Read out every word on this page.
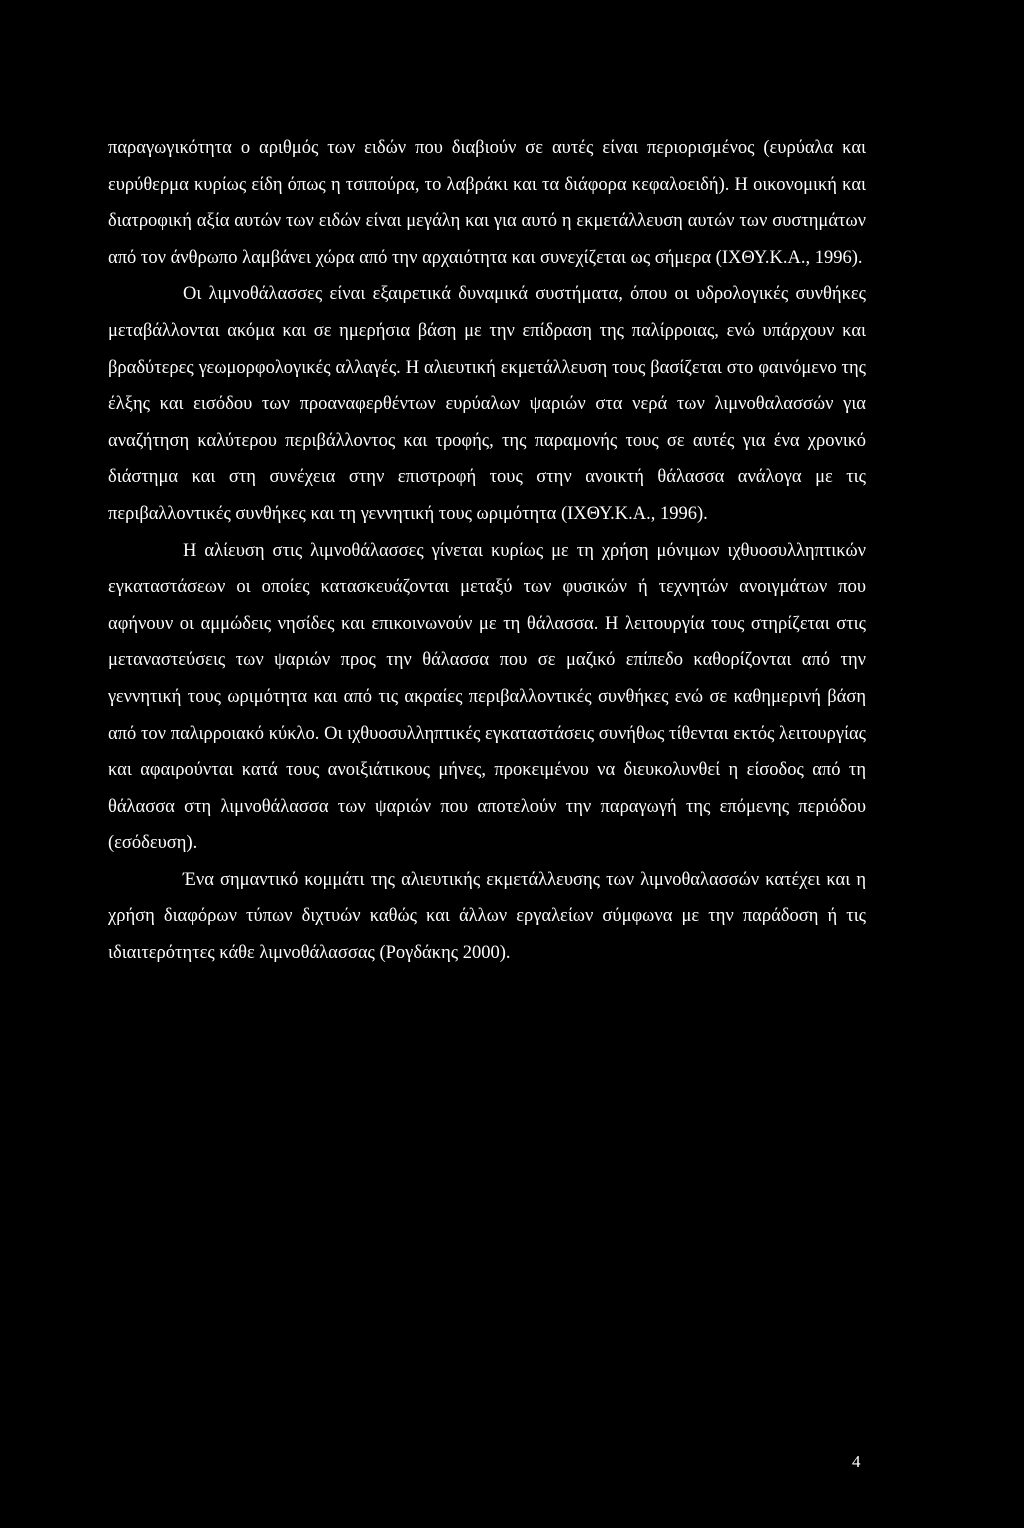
παραγωγικότητα ο αριθμός των ειδών που διαβιούν σε αυτές είναι περιορισμένος (ευρύαλα και ευρύθερμα κυρίως είδη όπως η τσιπούρα, το λαβράκι και τα διάφορα κεφαλοειδή). Η οικονομική και διατροφική αξία αυτών των ειδών είναι μεγάλη και για αυτό η εκμετάλλευση αυτών των συστημάτων από τον άνθρωπο λαμβάνει χώρα από την αρχαιότητα και συνεχίζεται ως σήμερα (ΙΧΘΥ.Κ.Α., 1996).

Οι λιμνοθάλασσες είναι εξαιρετικά δυναμικά συστήματα, όπου οι υδρολογικές συνθήκες μεταβάλλονται ακόμα και σε ημερήσια βάση με την επίδραση της παλίρροιας, ενώ υπάρχουν και βραδύτερες γεωμορφολογικές αλλαγές. Η αλιευτική εκμετάλλευση τους βασίζεται στο φαινόμενο της έλξης και εισόδου των προαναφερθέντων ευρύαλων ψαριών στα νερά των λιμνοθαλασσών για αναζήτηση καλύτερου περιβάλλοντος και τροφής, της παραμονής τους σε αυτές για ένα χρονικό διάστημα και στη συνέχεια στην επιστροφή τους στην ανοικτή θάλασσα ανάλογα με τις περιβαλλοντικές συνθήκες και τη γεννητική τους ωριμότητα (ΙΧΘΥ.Κ.Α., 1996).

Η αλίευση στις λιμνοθάλασσες γίνεται κυρίως με τη χρήση μόνιμων ιχθυοσυλληπτικών εγκαταστάσεων οι οποίες κατασκευάζονται μεταξύ των φυσικών ή τεχνητών ανοιγμάτων που αφήνουν οι αμμώδεις νησίδες και επικοινωνούν με τη θάλασσα. Η λειτουργία τους στηρίζεται στις μεταναστεύσεις των ψαριών προς την θάλασσα που σε μαζικό επίπεδο καθορίζονται από την γεννητική τους ωριμότητα και από τις ακραίες περιβαλλοντικές συνθήκες ενώ σε καθημερινή βάση από τον παλιρροιακό κύκλο. Οι ιχθυοσυλληπτικές εγκαταστάσεις συνήθως τίθενται εκτός λειτουργίας και αφαιρούνται κατά τους ανοιξιάτικους μήνες, προκειμένου να διευκολυνθεί η είσοδος από τη θάλασσα στη λιμνοθάλασσα των ψαριών που αποτελούν την παραγωγή της επόμενης περιόδου (εσόδευση).

Ένα σημαντικό κομμάτι της αλιευτικής εκμετάλλευσης των λιμνοθαλασσών κατέχει και η χρήση διαφόρων τύπων διχτυών καθώς και άλλων εργαλείων σύμφωνα με την παράδοση ή τις ιδιαιτερότητες κάθε λιμνοθάλασσας (Ρογδάκης 2000).

4
